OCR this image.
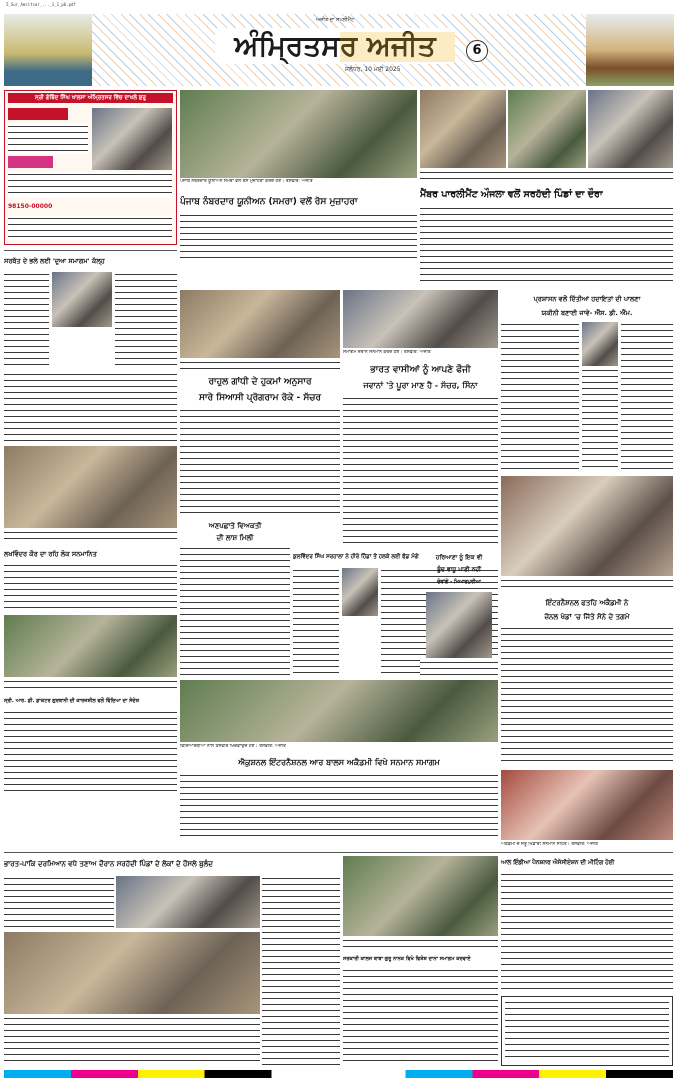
5_Sur_Amritsar_..._1_1_p6.pdf
ਅੰਮ੍ਰਿਤਸਰ ਅਜੀਤ
ਅਜੀਤ ਦਾ ਸਪਲੀਮੈਂਟ
ਜਲੰਧਰ, 10 ਮਈ 2025
6
ਸ੍ਰੀ ਗੋਬਿੰਦ ਸਿੰਘ ਖਾਲਸਾ ਅੰਮ੍ਰਿਤਸਰ ਵਿੱਚ ਦਾਖਲੇ ਸ਼ੁਰੂ
98150-00000
ਪੰਜਾਬ ਨੰਬਰਦਾਰ ਯੂਨੀਅਨ ਸਮਰਾ ਵਲੋਂ ਰੋਸ ਮੁਜ਼ਾਹਰਾ ਕਰਦੇ ਹੋਏ। ਤਸਵੀਰ: ਅਜੀਤ
ਪੰਜਾਬ ਨੰਬਰਦਾਰ ਯੂਨੀਅਨ (ਸਮਰਾ) ਵਲੋਂ ਰੋਸ ਮੁਜ਼ਾਹਰਾ
ਮੈਂਬਰ ਪਾਰਲੀਮੈਂਟ ਔਜਲਾ ਵਲੋਂ ਸਰਹੱਦੀ ਪਿੰਡਾਂ ਦਾ ਦੌਰਾ
ਸਰਬੱਤ ਦੇ ਭਲੇ ਲਈ 'ਦੁਆ ਸਮਾਗਮ' ਕੱਲ੍ਹ
ਲਖਵਿੰਦਰ ਕੌਰ ਦਾ ਰਹਿ ਲੋਕ ਸਨਮਾਨਿਤ
ਸ੍ਰੀ. ਆਰ. ਡੀ. ਡਾਕਟਰ ਗੁਰਬਾਨੀ ਦੀ ਕਾਰਜਸ਼ੀਲ ਵਲੋਂ ਵਿੱਦਿਆ ਦਾ ਸੰਦੇਸ਼
ਸਮਾਗਮ ਦੌਰਾਨ ਸਨਮਾਨ ਕਰਦੇ ਹੋਏ। ਤਸਵੀਰ: ਅਜੀਤ
ਰਾਹੁਲ ਗਾਂਧੀ ਦੇ ਹੁਕਮਾਂ ਅਨੁਸਾਰ
ਸਾਰੇ ਸਿਆਸੀ ਪ੍ਰੋਗਰਾਮ ਰੋਕੇ - ਸੱਚਰ
ਭਾਰਤ ਵਾਸੀਆਂ ਨੂੰ ਆਪਣੇ ਫੌਜੀ
ਜਵਾਨਾਂ 'ਤੇ ਪੂਰਾ ਮਾਣ ਹੈ - ਸੱਚਰ, ਸਿੰਨਾ
ਅਣਪਛਾਤੇ ਵਿਅਕਤੀ
ਦੀ ਲਾਸ਼ ਮਿਲੀ
ਕੁਲਵਿੰਦਰ ਸਿੰਘ ਸਰਹਾਲਾ ਨੇ ਹੀਰੋ ਹਿੰਡਾ ਤੋਂ ਹਲਕੇ ਲਈ ਫੰਡ ਮੰਗੇ
ਵਿਦਿਆਰਥੀਆਂ ਨਾਲ ਤਸਵੀਰ ਖਿਚਵਾਉਂਦੇ ਹੋਏ। ਤਸਵੀਰ: ਅਜੀਤ
ਐਕੁਸ਼ਨਲ ਇੰਟਰਨੈਸ਼ਨਲ ਆਰ ਬਾਲਸ ਅਕੈਡਮੀ ਵਿਖੇ ਸਨਮਾਨ ਸਮਾਗਮ
ਪ੍ਰਸ਼ਾਸਨ ਵਲੋਂ ਦਿੱਤੀਆਂ ਹਦਾਇਤਾਂ ਦੀ ਪਾਲਣਾ
ਯਕੀਨੀ ਬਣਾਈ ਜਾਵੇ- ਐੱਸ. ਡੀ. ਐੱਮ.
ਹਰਿਆਣਾ ਨੂੰ ਇਕ ਵੀ
ਬੂੰਦ ਵਾਧੂ ਪਾਣੀ ਨਹੀਂ
ਦੇਵਾਂਗੇ - ਮਿਆਦਪੁਰੀਆ
ਇੰਟਰਨੈਸ਼ਨਲ ਫਤਹਿ ਅਕੈਡਮੀ ਨੇ
ਜ਼ੋਨਲ ਖੇਡਾਂ 'ਚ ਜਿੱਤੇ ਸੋਨੇ ਦੇ ਤਗਮੇ
ਅਕੈਡਮੀ ਦੇ ਜੇਤੂ ਖਿਡਾਰੀ ਸਨਮਾਨ ਸਹਿਤ। ਤਸਵੀਰ: ਅਜੀਤ
ਭਾਰਤ-ਪਾਕਿ ਦਰਮਿਆਨ ਵਧੇ ਤਣਾਅ ਦੌਰਾਨ ਸਰਹੱਦੀ ਪਿੰਡਾਂ ਦੇ ਲੋਕਾਂ ਦੇ ਹੌਸਲੇ ਬੁਲੰਦ
ਸਰਕਾਰੀ ਕਾਲਜ ਬਾਬਾ ਗੁਰੂ ਨਾਨਕ ਵਿਖੇ ਵਿਸ਼ੇਸ਼ ਦਾਨਾ ਸਮਾਗਮ ਕਰਵਾਏ
ਆਲ ਇੰਡੀਆ ਪੈਨਸ਼ਨਰ ਐਸੋਸੀਏਸ਼ਨ ਦੀ ਮੀਟਿੰਗ ਹੋਈ
